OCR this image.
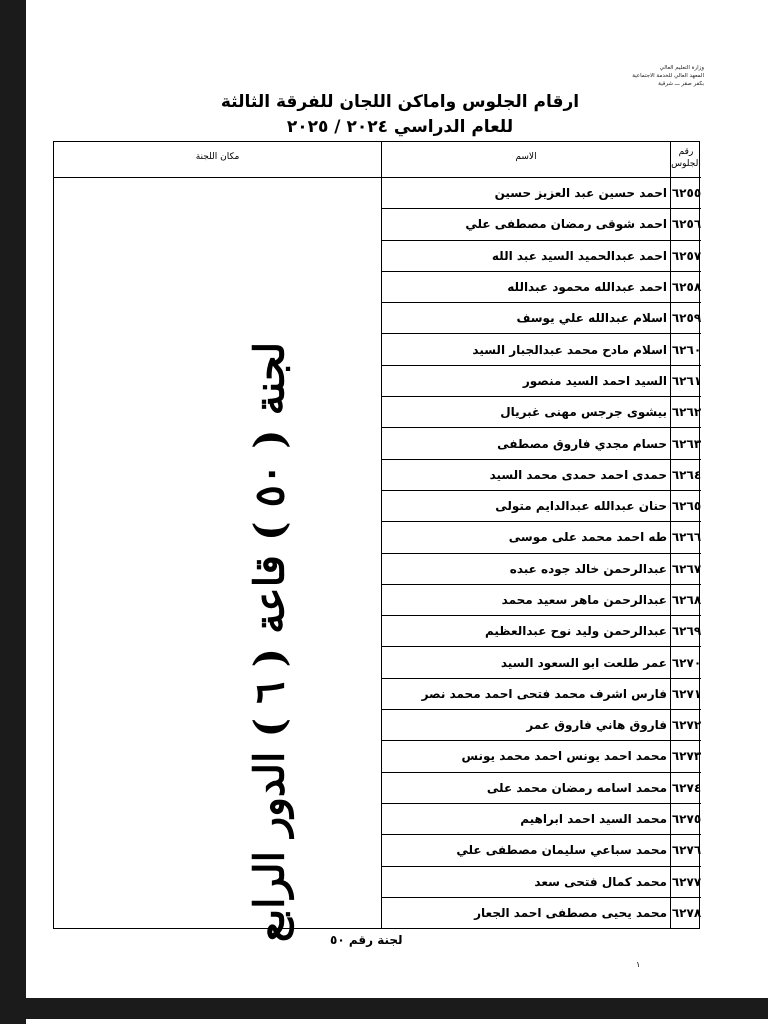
وزارة التعليم العالي
المعهد العالي للخدمة الاجتماعية
بكفر صقر ـــ شرقية
ارقام الجلوس واماكن اللجان للفرقة الثالثة
للعام الدراسي ٢٠٢٤ / ٢٠٢٥
مكان اللجنة	الاسم	رقم
الجلوس
لجنة ( ٥٠ ) قاعة ( ٦ ) الدور الرابع
٦٢٥٥
احمد حسين عبد العزيز حسين
٦٢٥٦
احمد شوقى رمضان مصطفى علي
٦٢٥٧
احمد عبدالحميد السيد عبد الله
٦٢٥٨
احمد عبدالله محمود عبدالله
٦٢٥٩
اسلام عبدالله علي يوسف
٦٢٦٠
اسلام مادح محمد عبدالجبار السيد
٦٢٦١
السيد احمد السيد منصور
٦٢٦٢
بيشوى جرجس مهنى غبريال
٦٢٦٣
حسام مجدي فاروق مصطفى
٦٢٦٤
حمدى احمد حمدى محمد السيد
٦٢٦٥
حنان عبدالله عبدالدايم متولى
٦٢٦٦
طه احمد محمد على موسى
٦٢٦٧
عبدالرحمن خالد جوده عبده
٦٢٦٨
عبدالرحمن ماهر سعيد محمد
٦٢٦٩
عبدالرحمن وليد نوح عبدالعظيم
٦٢٧٠
عمر طلعت ابو السعود السيد
٦٢٧١
فارس اشرف محمد فتحى احمد محمد نصر
٦٢٧٢
فاروق هاني فاروق عمر
٦٢٧٣
محمد احمد يونس احمد محمد يونس
٦٢٧٤
محمد اسامه رمضان محمد على
٦٢٧٥
محمد السيد احمد ابراهيم
٦٢٧٦
محمد سباعي سليمان مصطفى علي
٦٢٧٧
محمد كمال فتحى سعد
٦٢٧٨
محمد يحيى مصطفى احمد الجعار
لجنة رقم ٥٠
١
